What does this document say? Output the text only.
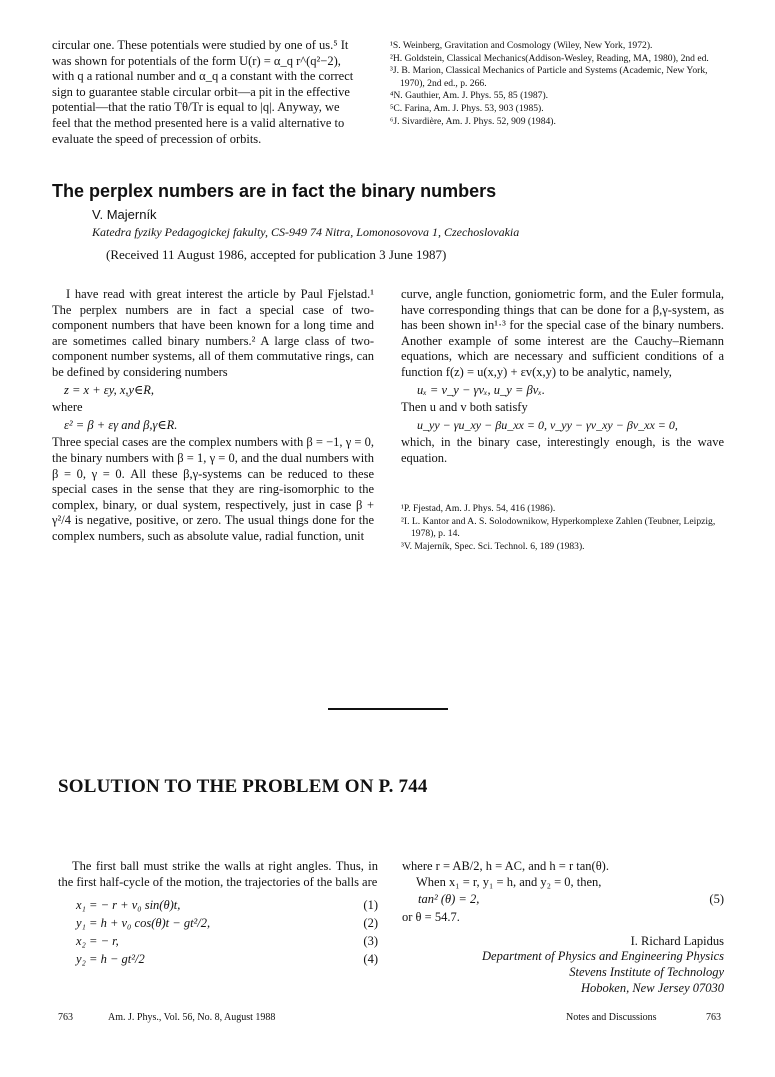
circular one. These potentials were studied by one of us.⁵ It
was shown for potentials of the form U(r) = α_q r^(q²−2),
with q a rational number and α_q a constant with the correct
sign to guarantee stable circular orbit—a pit in the effective
potential—that the ratio Tθ/Tr is equal to |q|. Anyway, we
feel that the method presented here is a valid alternative to
evaluate the speed of precession of orbits.

¹S. Weinberg, Gravitation and Cosmology (Wiley, New York, 1972).

²H. Goldstein, Classical Mechanics(Addison-Wesley, Reading, MA, 1980), 2nd ed.

³J. B. Marion, Classical Mechanics of Particle and Systems (Academic, New York, 1970), 2nd ed., p. 266.

⁴N. Gauthier, Am. J. Phys. 55, 85 (1987).

⁵C. Farina, Am. J. Phys. 53, 903 (1985).

⁶J. Sivardière, Am. J. Phys. 52, 909 (1984).

The perplex numbers are in fact the binary numbers
V. Majerník
Katedra fyziky Pedagogickej fakulty, CS-949 74 Nitra, Lomonosovova 1, Czechoslovakia
(Received 11 August 1986, accepted for publication 3 June 1987)

I have read with great interest the article by Paul Fjelstad.¹ The perplex numbers are in fact a special case of two-component numbers that have been known for a long time and are sometimes called binary numbers.² A large class of two-component number systems, all of them commutative rings, can be defined by considering numbers

z = x + εy, x,y∈R,

where

ε² = β + εγ and β,γ∈R.

Three special cases are the complex numbers with β = −1, γ = 0, the binary numbers with β = 1, γ = 0, and the dual numbers with β = 0, γ = 0. All these β,γ-systems can be reduced to these special cases in the sense that they are ring-isomorphic to the complex, binary, or dual system, respectively, just in case β + γ²/4 is negative, positive, or zero. The usual things done for the complex numbers, such as absolute value, radial function, unit

curve, angle function, goniometric form, and the Euler formula, have corresponding things that can be done for a β,γ-system, as has been shown in¹·³ for the special case of the binary numbers. Another example of some interest are the Cauchy–Riemann equations, which are necessary and sufficient conditions of a function f(z) = u(x,y) + εv(x,y) to be analytic, namely,

uₓ = v_y − γvₓ, u_y = βvₓ.

Then u and v both satisfy

u_yy − γu_xy − βu_xx = 0, v_yy − γv_xy − βv_xx = 0,

which, in the binary case, interestingly enough, is the wave equation.

¹P. Fjestad, Am. J. Phys. 54, 416 (1986).

²I. L. Kantor and A. S. Solodownikow, Hyperkomplexe Zahlen (Teubner, Leipzig, 1978), p. 14.

³V. Majerník, Spec. Sci. Technol. 6, 189 (1983).

SOLUTION TO THE PROBLEM ON P. 744

The first ball must strike the walls at right angles. Thus, in the first half-cycle of the motion, the trajectories of the balls are

x₁ = − r + v₀ sin(θ)t,	(1)
y₁ = h + v₀ cos(θ)t − gt²/2,	(2)
x₂ = − r,	(3)
y₂ = h − gt²/2	(4)

where r = AB/2, h = AC, and h = r tan(θ).

When x₁ = r, y₁ = h, and y₂ = 0, then,

tan² (θ) = 2,	(5)

or θ = 54.7.

I. Richard Lapidus
Department of Physics and Engineering Physics
Stevens Institute of Technology
Hoboken, New Jersey 07030
763	Am. J. Phys., Vol. 56, No. 8, August 1988	Notes and Discussions	763
